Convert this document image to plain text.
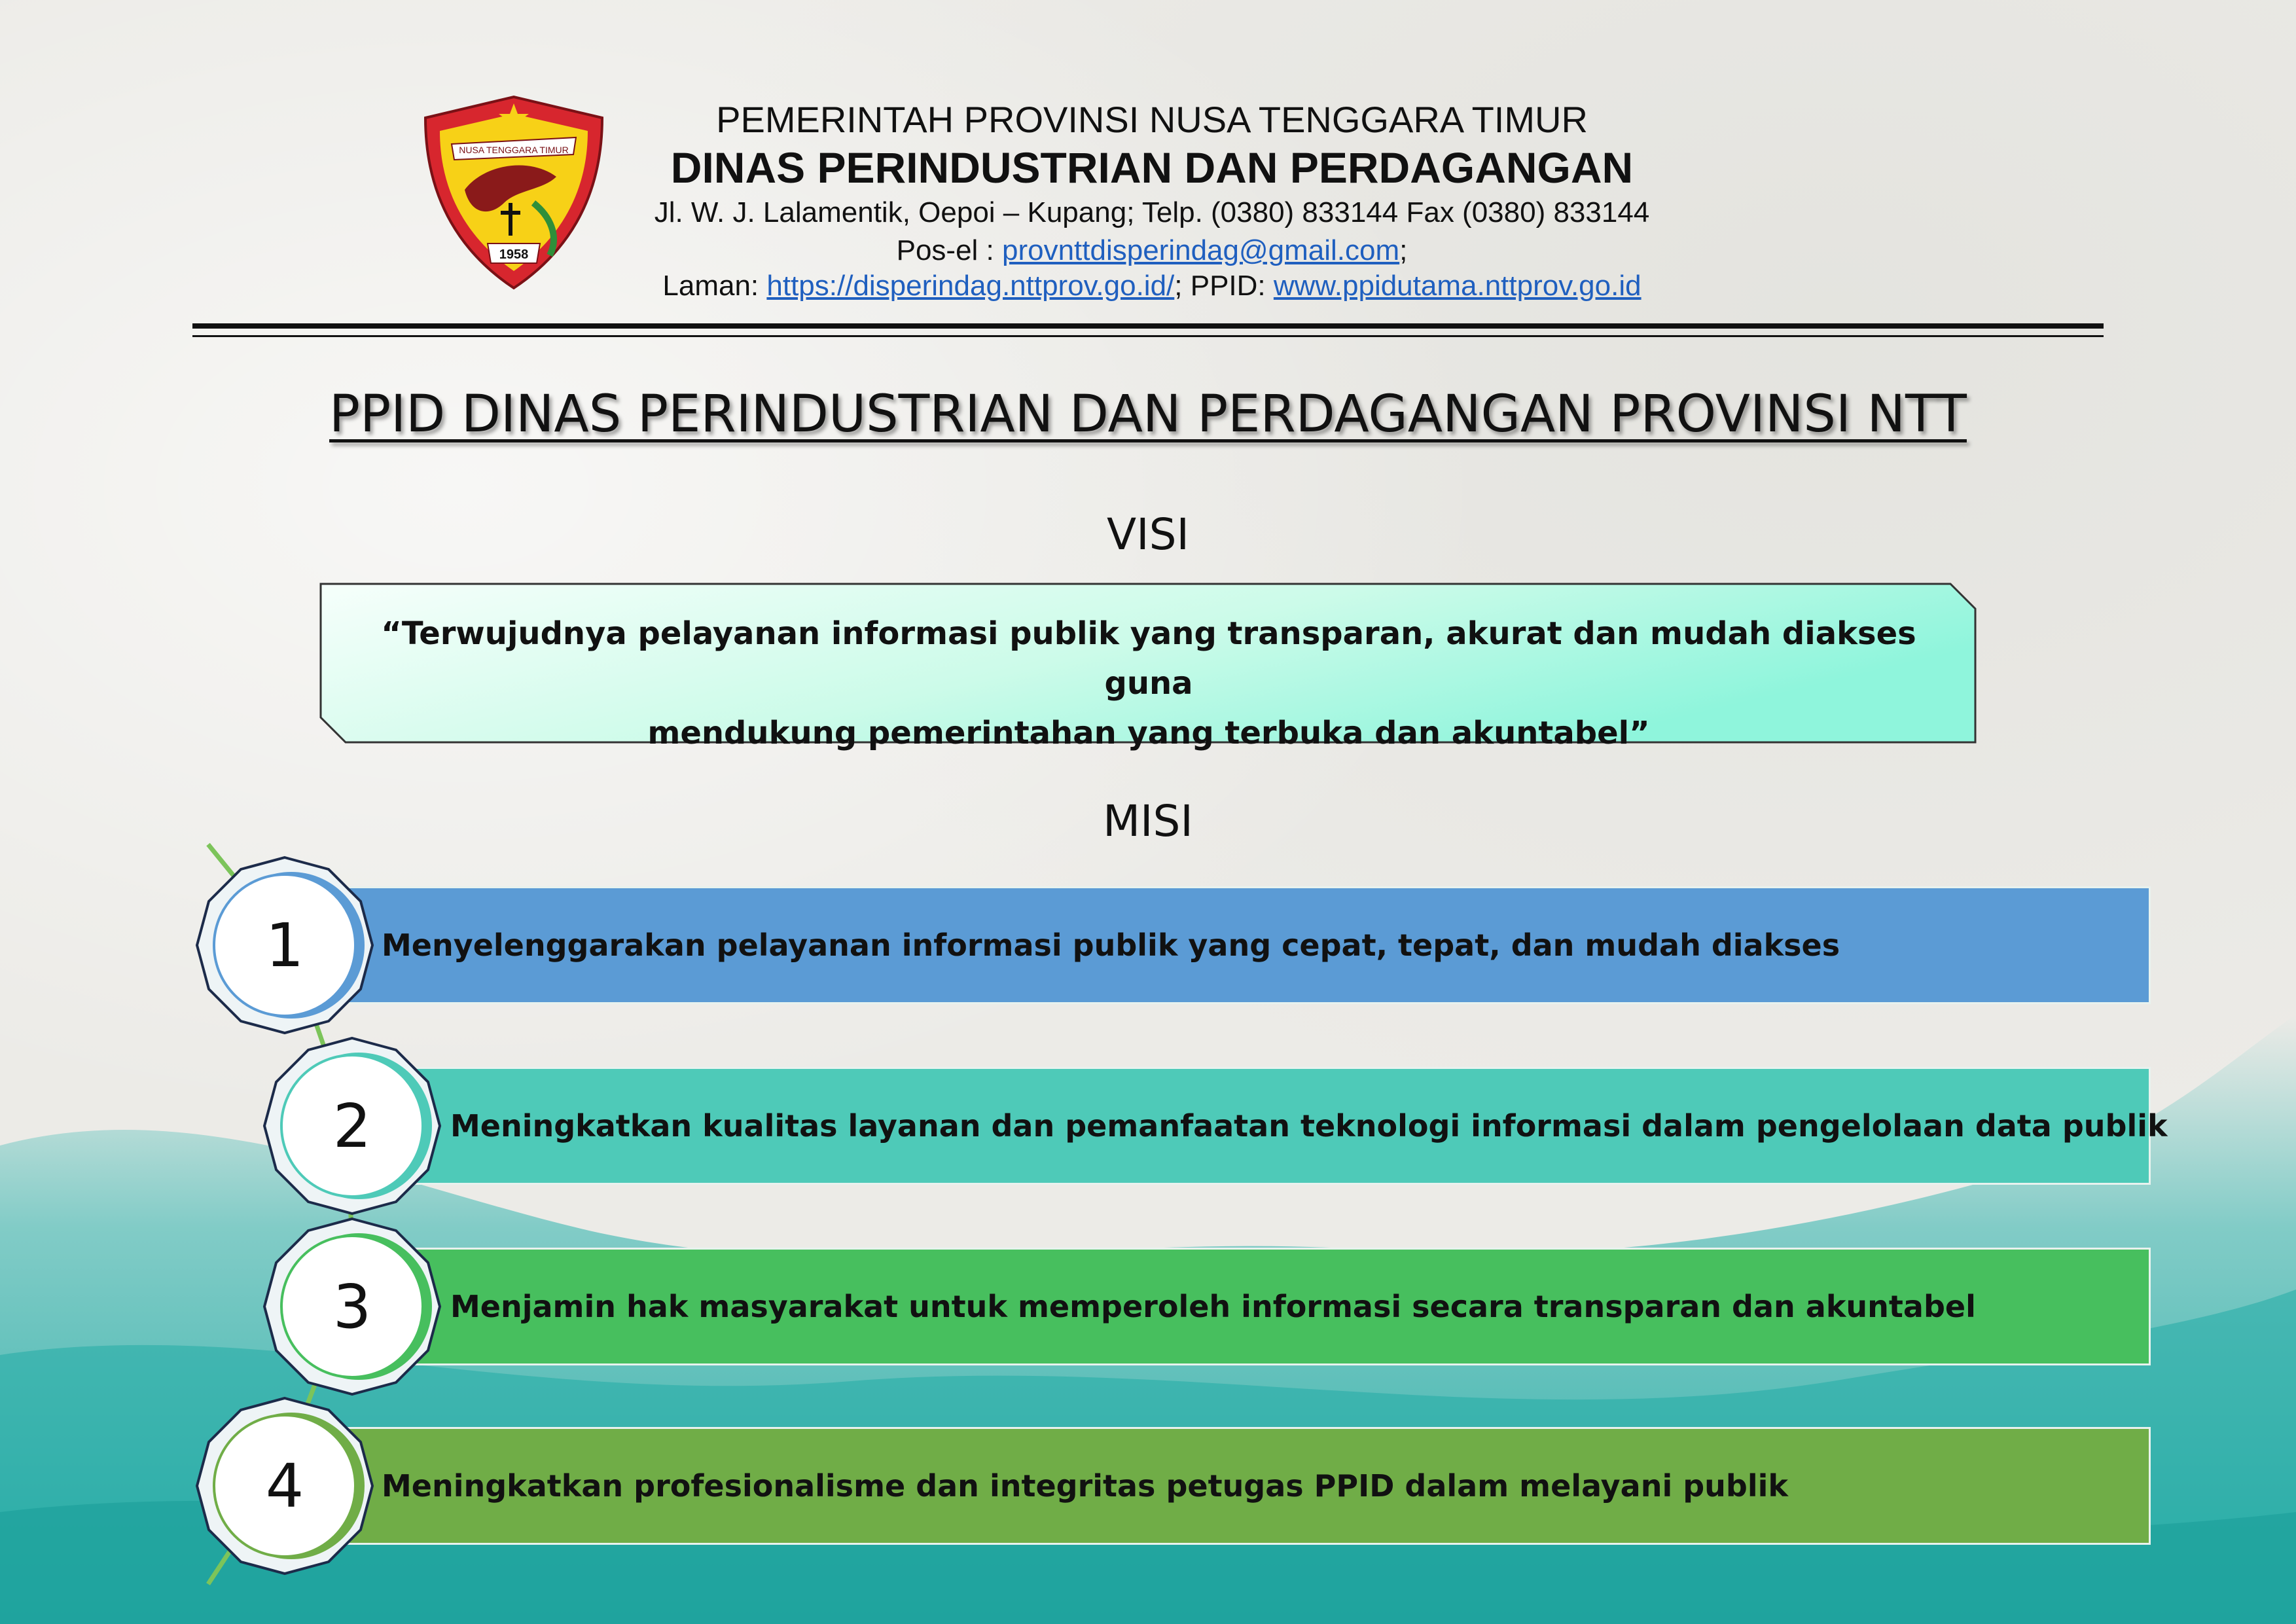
NUSA TENGGARA TIMUR
1958
PEMERINTAH PROVINSI NUSA TENGGARA TIMUR
DINAS PERINDUSTRIAN DAN PERDAGANGAN
Jl. W. J. Lalamentik, Oepoi – Kupang; Telp. (0380) 833144 Fax (0380) 833144
Pos-el : provnttdisperindag@gmail.com;
Laman: https://disperindag.nttprov.go.id/; PPID: www.ppidutama.nttprov.go.id
PPID DINAS PERINDUSTRIAN DAN PERDAGANGAN PROVINSI NTT
VISI
“Terwujudnya pelayanan informasi publik yang transparan, akurat dan mudah diakses guna
mendukung pemerintahan yang terbuka dan akuntabel”
MISI
Menyelenggarakan pelayanan informasi publik yang cepat, tepat, dan mudah diakses
Meningkatkan kualitas layanan dan pemanfaatan teknologi informasi dalam pengelolaan data publik
Menjamin hak masyarakat untuk memperoleh informasi secara transparan dan akuntabel
Meningkatkan profesionalisme dan integritas petugas PPID dalam melayani publik
1
2
3
4
